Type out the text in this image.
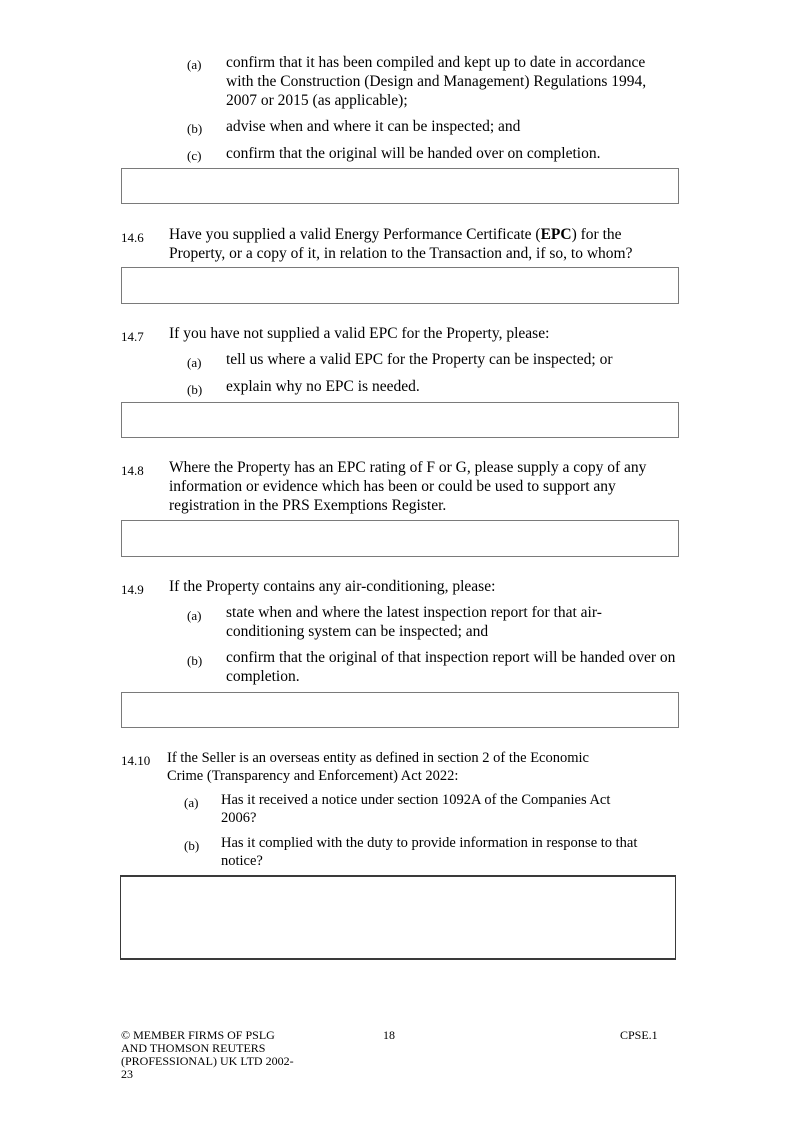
(a) confirm that it has been compiled and kept up to date in accordance with the Construction (Design and Management) Regulations 1994, 2007 or 2015 (as applicable);
(b) advise when and where it can be inspected; and
(c) confirm that the original will be handed over on completion.
14.6 Have you supplied a valid Energy Performance Certificate (EPC) for the Property, or a copy of it, in relation to the Transaction and, if so, to whom?
14.7 If you have not supplied a valid EPC for the Property, please:
(a) tell us where a valid EPC for the Property can be inspected; or
(b) explain why no EPC is needed.
14.8 Where the Property has an EPC rating of F or G, please supply a copy of any information or evidence which has been or could be used to support any registration in the PRS Exemptions Register.
14.9 If the Property contains any air-conditioning, please:
(a) state when and where the latest inspection report for that air-conditioning system can be inspected; and
(b) confirm that the original of that inspection report will be handed over on completion.
14.10 If the Seller is an overseas entity as defined in section 2 of the Economic Crime (Transparency and Enforcement) Act 2022:
(a) Has it received a notice under section 1092A of the Companies Act 2006?
(b) Has it complied with the duty to provide information in response to that notice?
© MEMBER FIRMS OF PSLG AND THOMSON REUTERS (PROFESSIONAL) UK LTD 2002-23
18	CPSE.1
